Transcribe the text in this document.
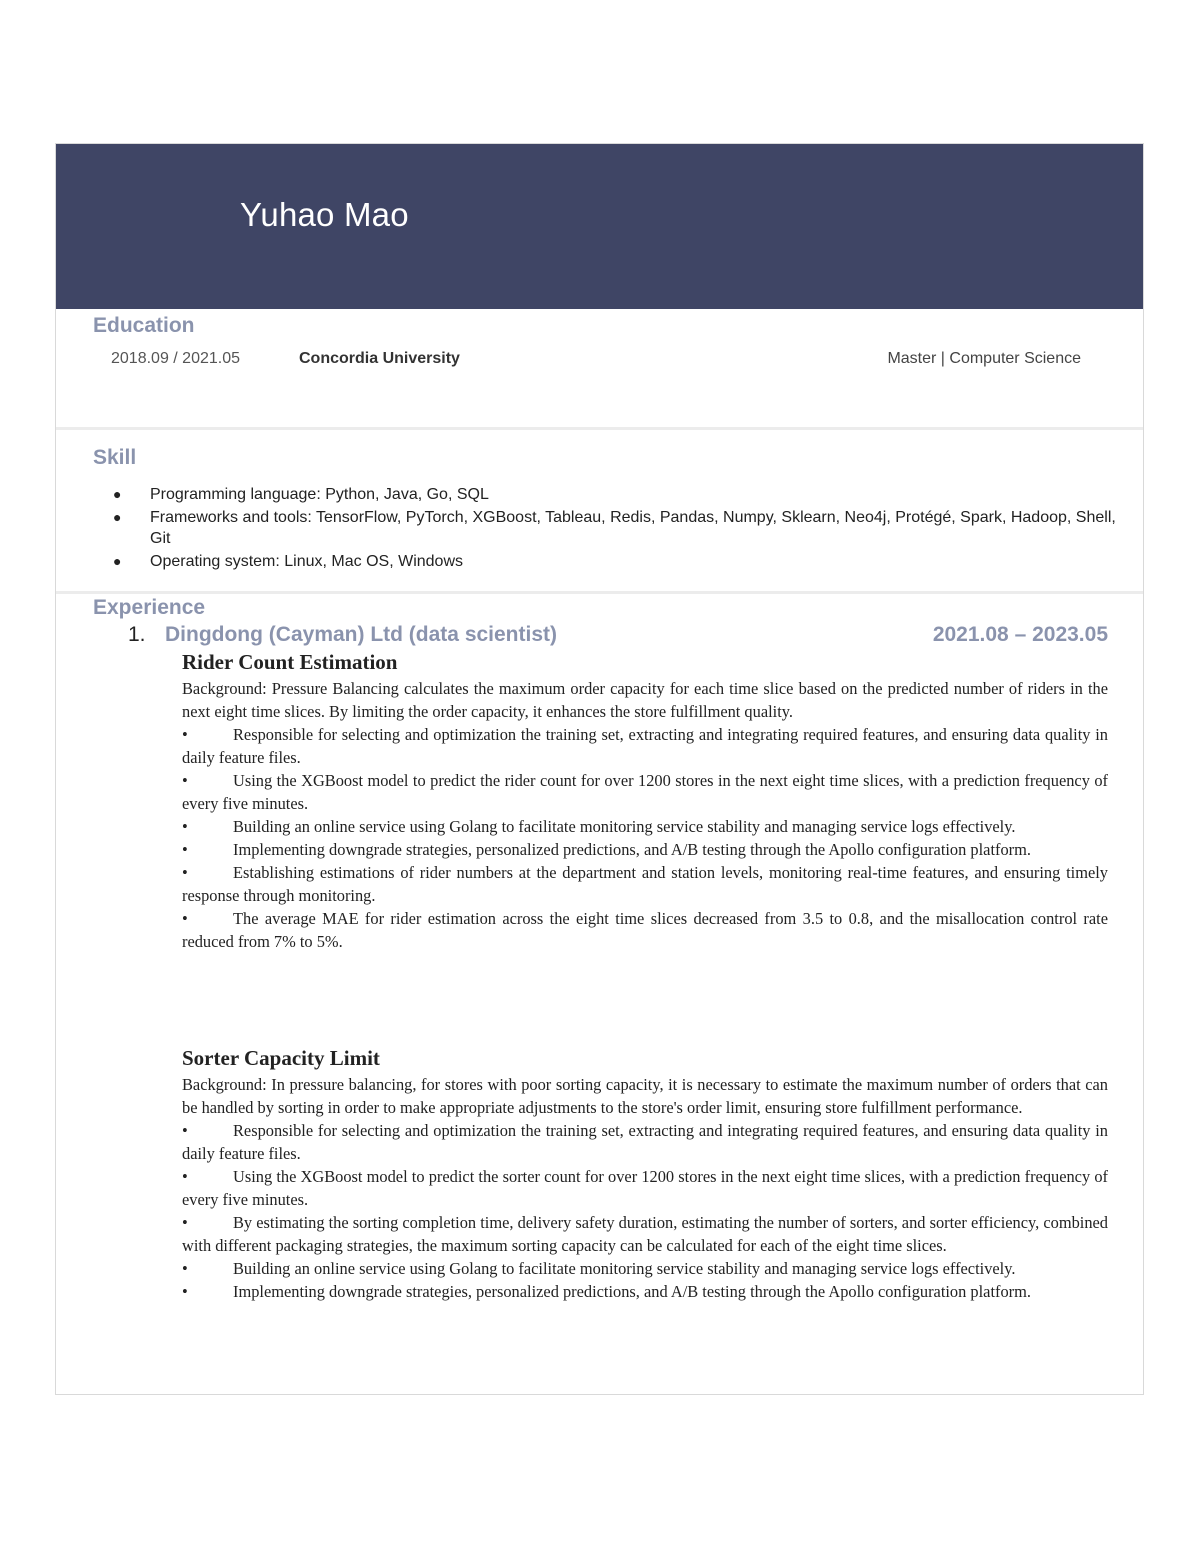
Yuhao Mao
Education
2018.09 / 2021.05	Concordia University	Master | Computer Science
Skill
● Programming language: Python, Java, Go, SQL
● Frameworks and tools: TensorFlow, PyTorch, XGBoost, Tableau, Redis, Pandas, Numpy, Sklearn, Neo4j, Protégé, Spark, Hadoop, Shell, Git
● Operating system: Linux, Mac OS, Windows
Experience
1. Dingdong (Cayman) Ltd (data scientist)	2021.08 – 2023.05
Rider Count Estimation

Background: Pressure Balancing calculates the maximum order capacity for each time slice based on the predicted number of riders in the next eight time slices. By limiting the order capacity, it enhances the store fulfillment quality.

•	Responsible for selecting and optimization the training set, extracting and integrating required features, and ensuring data quality in daily feature files.

•	Using the XGBoost model to predict the rider count for over 1200 stores in the next eight time slices, with a prediction frequency of every five minutes.

•	Building an online service using Golang to facilitate monitoring service stability and managing service logs effectively.

•	Implementing downgrade strategies, personalized predictions, and A/B testing through the Apollo configuration platform.

•	Establishing estimations of rider numbers at the department and station levels, monitoring real-time features, and ensuring timely response through monitoring.

•	The average MAE for rider estimation across the eight time slices decreased from 3.5 to 0.8, and the misallocation control rate reduced from 7% to 5%.

Sorter Capacity Limit

Background: In pressure balancing, for stores with poor sorting capacity, it is necessary to estimate the maximum number of orders that can be handled by sorting in order to make appropriate adjustments to the store's order limit, ensuring store fulfillment performance.

•	Responsible for selecting and optimization the training set, extracting and integrating required features, and ensuring data quality in daily feature files.

•	Using the XGBoost model to predict the sorter count for over 1200 stores in the next eight time slices, with a prediction frequency of every five minutes.

•	By estimating the sorting completion time, delivery safety duration, estimating the number of sorters, and sorter efficiency, combined with different packaging strategies, the maximum sorting capacity can be calculated for each of the eight time slices.

•	Building an online service using Golang to facilitate monitoring service stability and managing service logs effectively.

•	Implementing downgrade strategies, personalized predictions, and A/B testing through the Apollo configuration platform.
